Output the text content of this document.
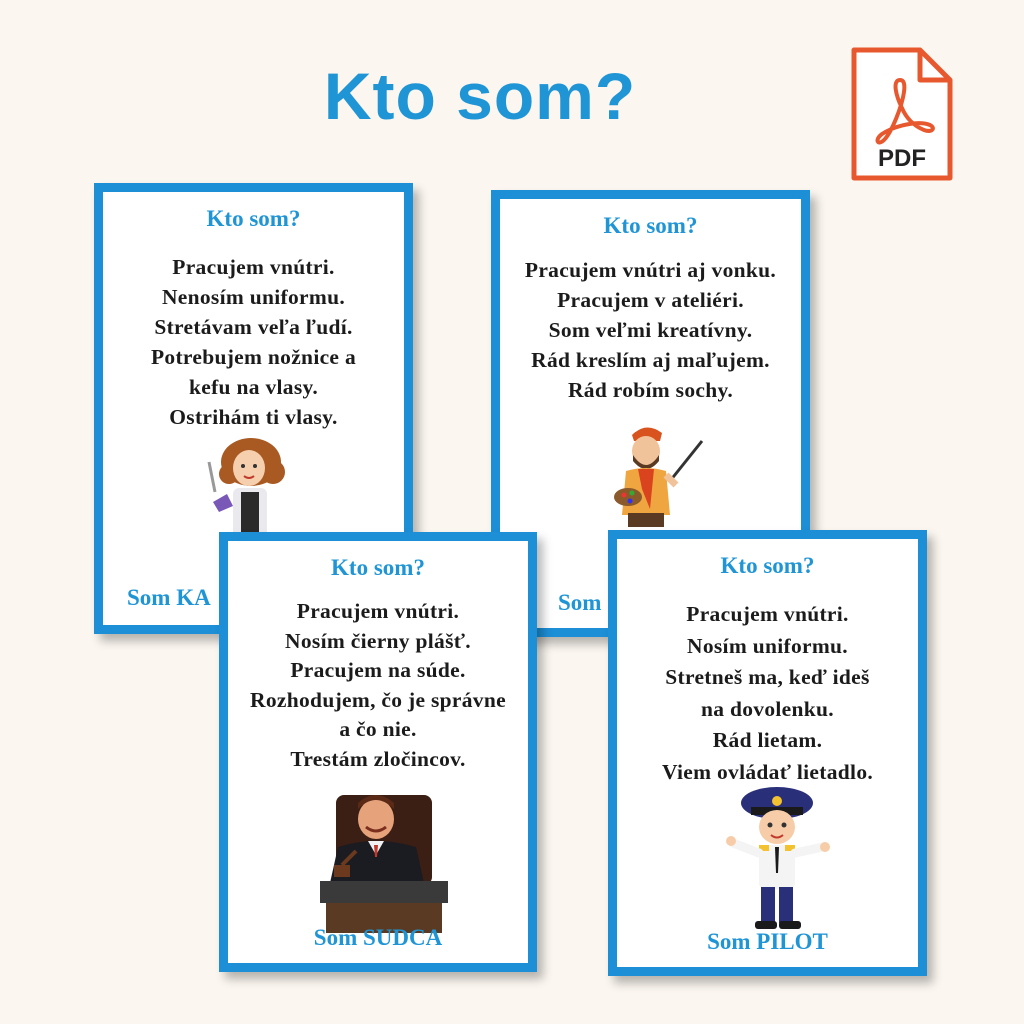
Kto som?
PDF
Kto som?
Pracujem vnútri.
Nenosím uniformu.
Stretávam veľa ľudí.
Potrebujem nožnice a
kefu na vlasy.
Ostrihám ti vlasy.
Som KA
Kto som?
Pracujem vnútri aj vonku.
Pracujem v ateliéri.
Som veľmi kreatívny.
Rád kreslím aj maľujem.
Rád robím sochy.
Som
Kto som?
Pracujem vnútri.
Nosím čierny plášť.
Pracujem na súde.
Rozhodujem, čo je správne
a čo nie.
Trestám zločincov.
Som SUDCA
Kto som?
Pracujem vnútri.
Nosím uniformu.
Stretneš ma, keď ideš
na dovolenku.
Rád lietam.
Viem ovládať lietadlo.
Som PILOT
